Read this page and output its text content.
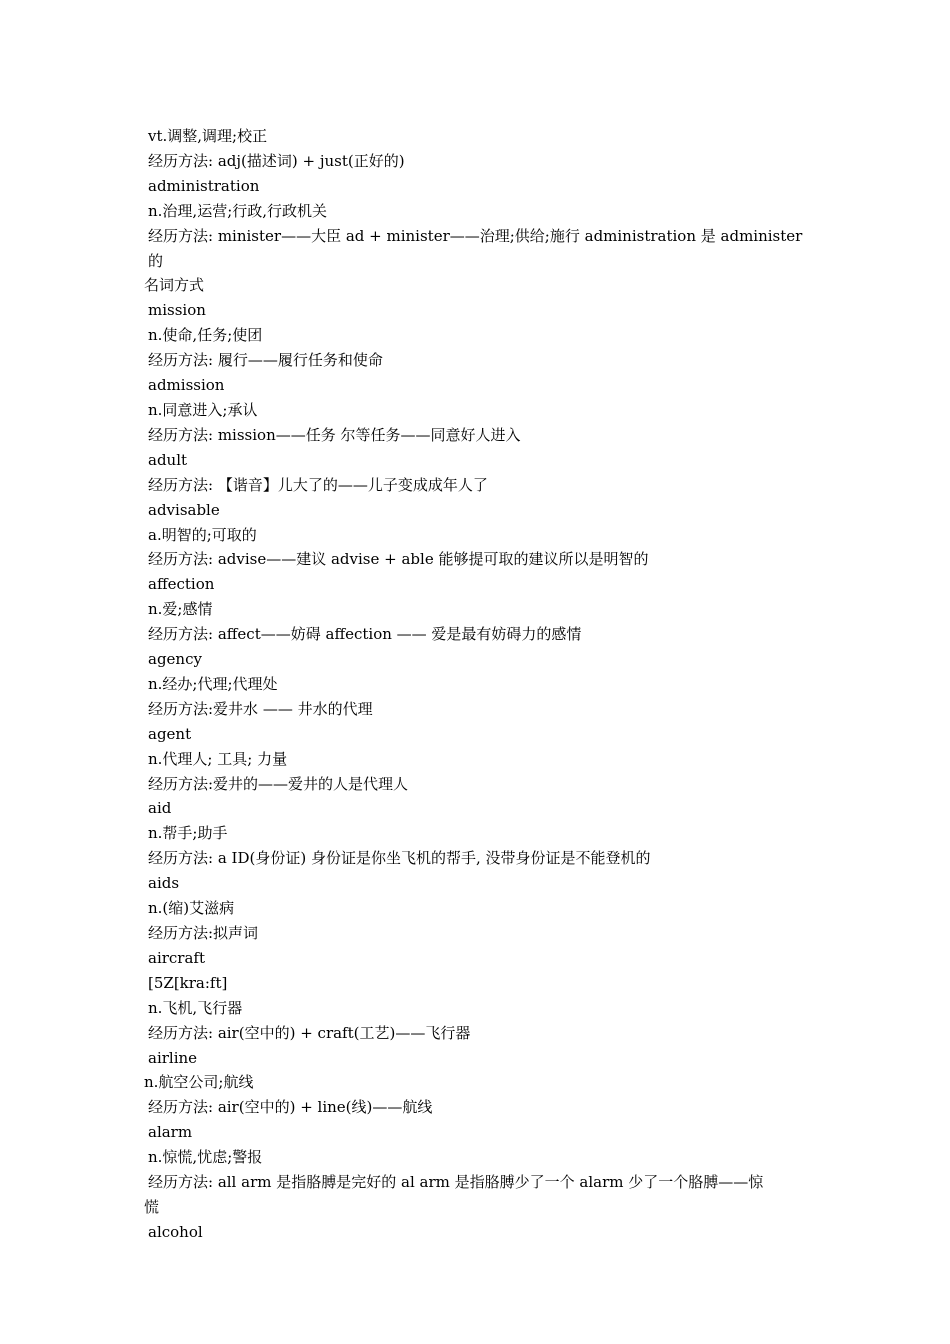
vt.调整,调理;校正
经历方法: adj(描述词) + just(正好的)
administration
n.治理,运营;行政,行政机关
经历方法: minister——大臣 ad + minister——治理;供给;施行 administration 是 administer 的
名词方式
mission
n.使命,任务;使团
经历方法: 履行——履行任务和使命
admission
n.同意进入;承认
经历方法: mission——任务 尔等任务——同意好人进入
adult
经历方法: 【谐音】儿大了的——儿子变成成年人了
advisable
a.明智的;可取的
经历方法: advise——建议 advise + able 能够提可取的建议所以是明智的
affection
n.爱;感情
经历方法: affect——妨碍 affection —— 爱是最有妨碍力的感情
agency
n.经办;代理;代理处
经历方法:爱井水 —— 井水的代理
agent
n.代理人; 工具; 力量
经历方法:爱井的——爱井的人是代理人
aid
n.帮手;助手
经历方法: a ID(身份证) 身份证是你坐飞机的帮手, 没带身份证是不能登机的
aids
n.(缩)艾滋病
经历方法:拟声词
aircraft
[5Z[kra:ft]
n.飞机,飞行器
经历方法: air(空中的) + craft(工艺)——飞行器
airline
n.航空公司;航线
经历方法: air(空中的) + line(线)——航线
alarm
n.惊慌,忧虑;警报
经历方法: all arm 是指胳膊是完好的 al arm 是指胳膊少了一个 alarm 少了一个胳膊——惊
慌
alcohol
